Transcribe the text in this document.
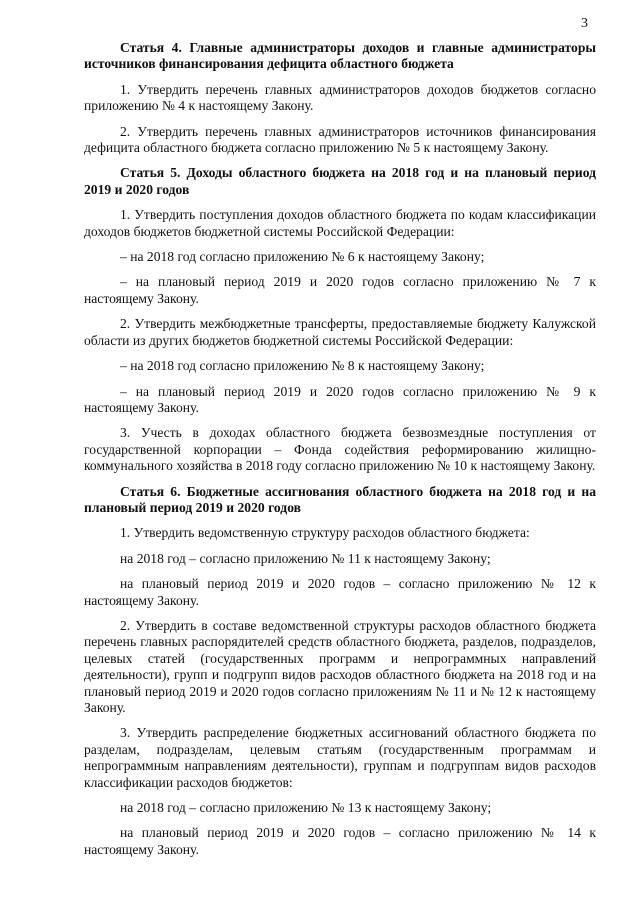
3
Статья 4. Главные администраторы доходов и главные администраторы источников финансирования дефицита областного бюджета

1. Утвердить перечень главных администраторов доходов бюджетов согласно приложению № 4 к настоящему Закону.

2. Утвердить перечень главных администраторов источников финансирования дефицита областного бюджета согласно приложению № 5 к настоящему Закону.

Статья 5. Доходы областного бюджета на 2018 год и на плановый период 2019 и 2020 годов

1. Утвердить поступления доходов областного бюджета по кодам классификации доходов бюджетов бюджетной системы Российской Федерации:

– на 2018 год согласно приложению № 6 к настоящему Закону;

– на плановый период 2019 и 2020 годов согласно приложению № 7 к настоящему Закону.

2. Утвердить межбюджетные трансферты, предоставляемые бюджету Калужской области из других бюджетов бюджетной системы Российской Федерации:

– на 2018 год согласно приложению № 8 к настоящему Закону;

– на плановый период 2019 и 2020 годов согласно приложению № 9 к настоящему Закону.

3. Учесть в доходах областного бюджета безвозмездные поступления от государственной корпорации – Фонда содействия реформированию жилищно-коммунального хозяйства в 2018 году согласно приложению № 10 к настоящему Закону.

Статья 6. Бюджетные ассигнования областного бюджета на 2018 год и на плановый период 2019 и 2020 годов

1. Утвердить ведомственную структуру расходов областного бюджета:

на 2018 год – согласно приложению № 11 к настоящему Закону;

на плановый период 2019 и 2020 годов – согласно приложению № 12 к настоящему Закону.

2. Утвердить в составе ведомственной структуры расходов областного бюджета перечень главных распорядителей средств областного бюджета, разделов, подразделов, целевых статей (государственных программ и непрограммных направлений деятельности), групп и подгрупп видов расходов областного бюджета на 2018 год и на плановый период 2019 и 2020 годов согласно приложениям № 11 и № 12 к настоящему Закону.

3. Утвердить распределение бюджетных ассигнований областного бюджета по разделам, подразделам, целевым статьям (государственным программам и непрограммным направлениям деятельности), группам и подгруппам видов расходов классификации расходов бюджетов:

на 2018 год – согласно приложению № 13 к настоящему Закону;

на плановый период 2019 и 2020 годов – согласно приложению № 14 к настоящему Закону.
